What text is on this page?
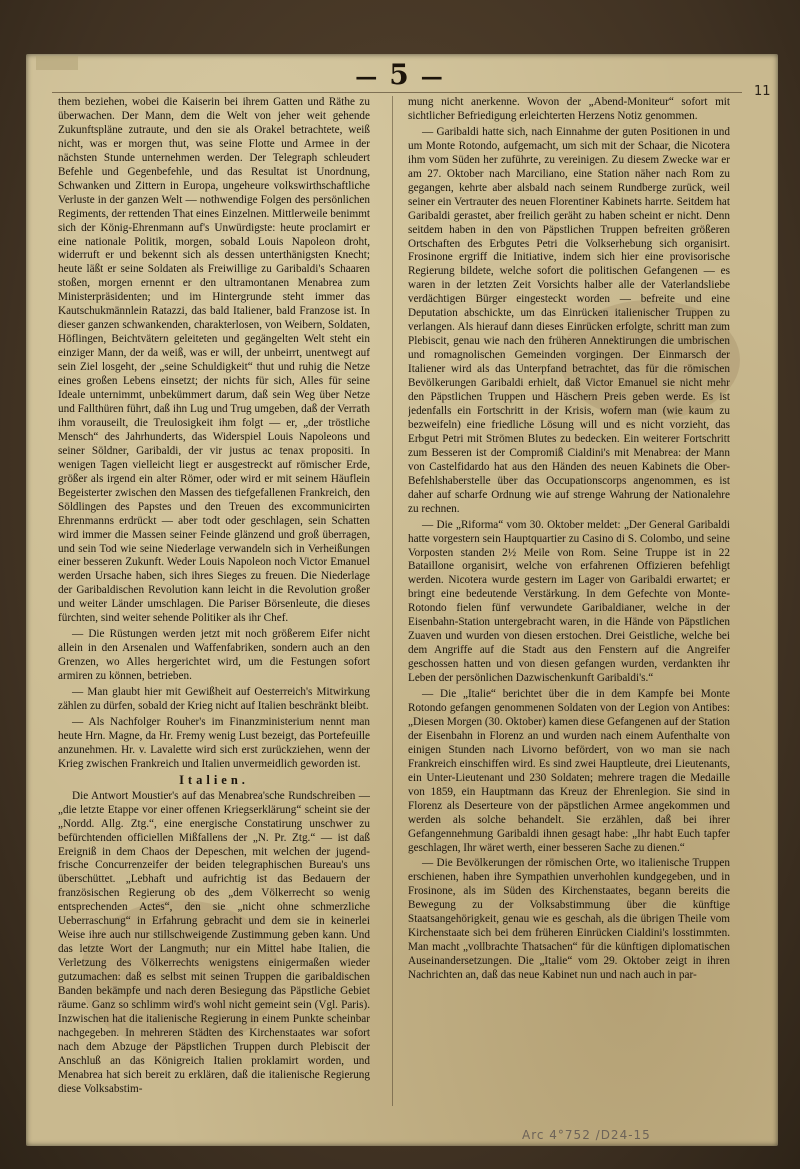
— 5 —
11

them beziehen, wobei die Kaiserin bei ihrem Gatten und Räthe zu überwachen. Der Mann, dem die Welt von jeher weit gehende Zukunftspläne zutraute, und den sie als Orakel betrachtete, weiß nicht, was er morgen thut, was seine Flotte und Armee in der nächsten Stunde unternehmen werden. Der Telegraph schleudert Befehle und Gegenbefehle, und das Resultat ist Unordnung, Schwanken und Zittern in Europa, ungeheure volkswirthschaftliche Verluste in der ganzen Welt — nothwendige Folgen des persönlichen Regiments, der rettenden That eines Einzelnen. Mittlerweile benimmt sich der König-Ehrenmann auf's Unwürdigste: heute proclamirt er eine nationale Politik, morgen, sobald Louis Napoleon droht, widerruft er und bekennt sich als dessen unterthänigsten Knecht; heute läßt er seine Soldaten als Freiwillige zu Garibaldi's Schaaren stoßen, morgen ernennt er den ultramontanen Menabrea zum Ministerpräsidenten; und im Hintergrunde steht immer das Kautschukmännlein Ratazzi, das bald Italiener, bald Franzose ist. In dieser ganzen schwankenden, charakterlosen, von Weibern, Soldaten, Höflingen, Beichtvätern geleiteten und gegängelten Welt steht ein einziger Mann, der da weiß, was er will, der unbeirrt, unentwegt auf sein Ziel losgeht, der „seine Schuldigkeit“ thut und ruhig die Netze eines großen Lebens einsetzt; der nichts für sich, Alles für seine Ideale unternimmt, unbekümmert darum, daß sein Weg über Netze und Fallthüren führt, daß ihn Lug und Trug umgeben, daß der Verrath ihm vorauseilt, die Treulosigkeit ihm folgt — er, „der tröstliche Mensch“ des Jahrhunderts, das Widerspiel Louis Napoleons und seiner Söldner, Garibaldi, der vir justus ac tenax propositi. In wenigen Tagen vielleicht liegt er ausgestreckt auf römischer Erde, größer als irgend ein alter Römer, oder wird er mit seinem Häuflein Begeisterter zwischen den Massen des tiefgefallenen Frankreich, den Söldlingen des Papstes und den Treuen des excommunicirten Ehrenmanns erdrückt — aber todt oder geschlagen, sein Schatten wird immer die Massen seiner Feinde glänzend und groß überragen, und sein Tod wie seine Niederlage verwandeln sich in Verheißungen einer besseren Zukunft. Weder Louis Napoleon noch Victor Emanuel werden Ursache haben, sich ihres Sieges zu freuen. Die Niederlage der Garibaldischen Revolution kann leicht in die Revolution großer und weiter Länder umschlagen. Die Pariser Börsenleute, die dieses fürchten, sind weiter sehende Politiker als ihr Chef.

— Die Rüstungen werden jetzt mit noch größerem Eifer nicht allein in den Arsenalen und Waffenfabriken, sondern auch an den Grenzen, wo Alles hergerichtet wird, um die Festungen sofort armiren zu können, betrieben.

— Man glaubt hier mit Gewißheit auf Oesterreich's Mitwirkung zählen zu dürfen, sobald der Krieg nicht auf Italien beschränkt bleibt.

— Als Nachfolger Rouher's im Finanzministerium nennt man heute Hrn. Magne, da Hr. Fremy wenig Lust bezeigt, das Portefeuille anzunehmen. Hr. v. Lavalette wird sich erst zurückziehen, wenn der Krieg zwischen Frankreich und Italien unvermeidlich geworden ist.

Italien.

Die Antwort Moustier's auf das Menabrea'sche Rundschreiben — „die letzte Etappe vor einer offenen Kriegserklärung“ scheint sie der „Nordd. Allg. Ztg.“, eine energische Constatirung unschwer zu befürchtenden officiellen Mißfallens der „N. Pr. Ztg.“ — ist daß Ereigniß in dem Chaos der Depeschen, mit welchen der jugend-frische Concurrenzeifer der beiden telegraphischen Bureau's uns überschüttet. „Lebhaft und aufrichtig ist das Bedauern der französischen Regierung ob des „dem Völkerrecht so wenig entsprechenden Actes“, den sie „nicht ohne schmerzliche Ueberraschung“ in Erfahrung gebracht und dem sie in keinerlei Weise ihre auch nur stillschweigende Zustimmung geben kann. Und das letzte Wort der Langmuth; nur ein Mittel habe Italien, die Verletzung des Völkerrechts wenigstens einigermaßen wieder gutzumachen: daß es selbst mit seinen Truppen die garibaldischen Banden bekämpfe und nach deren Besiegung das Päpstliche Gebiet räume. Ganz so schlimm wird's wohl nicht gemeint sein (Vgl. Paris). Inzwischen hat die italienische Regierung in einem Punkte scheinbar nachgegeben. In mehreren Städten des Kirchenstaates war sofort nach dem Abzuge der Päpstlichen Truppen durch Plebiscit der Anschluß an das Königreich Italien proklamirt worden, und Menabrea hat sich bereit zu erklären, daß die italienische Regierung diese Volksabstim-

mung nicht anerkenne. Wovon der „Abend-Moniteur“ sofort mit sichtlicher Befriedigung erleichterten Herzens Notiz genommen.

— Garibaldi hatte sich, nach Einnahme der guten Positionen in und um Monte Rotondo, aufgemacht, um sich mit der Schaar, die Nicotera ihm vom Süden her zuführte, zu vereinigen. Zu diesem Zwecke war er am 27. Oktober nach Marciliano, eine Station näher nach Rom zu gegangen, kehrte aber alsbald nach seinem Rundberge zurück, weil seiner ein Vertrauter des neuen Florentiner Kabinets harrte. Seitdem hat Garibaldi gerastet, aber freilich geräht zu haben scheint er nicht. Denn seitdem haben in den von Päpstlichen Truppen befreiten größeren Ortschaften des Erbgutes Petri die Volkserhebung sich organisirt. Frosinone ergriff die Initiative, indem sich hier eine provisorische Regierung bildete, welche sofort die politischen Gefangenen — es waren in der letzten Zeit Vorsichts halber alle der Vaterlandsliebe verdächtigen Bürger eingesteckt worden — befreite und eine Deputation abschickte, um das Einrücken italienischer Truppen zu verlangen. Als hierauf dann dieses Einrücken erfolgte, schritt man zum Plebiscit, genau wie nach den früheren Annektirungen die umbrischen und romagnolischen Gemeinden vorgingen. Der Einmarsch der Italiener wird als das Unterpfand betrachtet, das für die römischen Bevölkerungen Garibaldi erhielt, daß Victor Emanuel sie nicht mehr den Päpstlichen Truppen und Häschern Preis geben werde. Es ist jedenfalls ein Fortschritt in der Krisis, wofern man (wie kaum zu bezweifeln) eine friedliche Lösung will und es nicht vorzieht, das Erbgut Petri mit Strömen Blutes zu bedecken. Ein weiterer Fortschritt zum Besseren ist der Compromiß Cialdini's mit Menabrea: der Mann von Castelfidardo hat aus den Händen des neuen Kabinets die Ober-Befehlshaberstelle über das Occupationscorps angenommen, es ist daher auf scharfe Ordnung wie auf strenge Wahrung der Nationalehre zu rechnen.

— Die „Riforma“ vom 30. Oktober meldet: „Der General Garibaldi hatte vorgestern sein Hauptquartier zu Casino di S. Colombo, und seine Vorposten standen 2½ Meile von Rom. Seine Truppe ist in 22 Bataillone organisirt, welche von erfahrenen Offizieren befehligt werden. Nicotera wurde gestern im Lager von Garibaldi erwartet; er bringt eine bedeutende Verstärkung. In dem Gefechte von Monte-Rotondo fielen fünf verwundete Garibaldianer, welche in der Eisenbahn-Station untergebracht waren, in die Hände von Päpstlichen Zuaven und wurden von diesen erstochen. Drei Geistliche, welche bei dem Angriffe auf die Stadt aus den Fenstern auf die Angreifer geschossen hatten und von diesen gefangen wurden, verdankten ihr Leben der persönlichen Dazwischenkunft Garibaldi's.“

— Die „Italie“ berichtet über die in dem Kampfe bei Monte Rotondo gefangen genommenen Soldaten von der Legion von Antibes: „Diesen Morgen (30. Oktober) kamen diese Gefangenen auf der Station der Eisenbahn in Florenz an und wurden nach einem Aufenthalte von einigen Stunden nach Livorno befördert, von wo man sie nach Frankreich einschiffen wird. Es sind zwei Hauptleute, drei Lieutenants, ein Unter-Lieutenant und 230 Soldaten; mehrere tragen die Medaille von 1859, ein Hauptmann das Kreuz der Ehrenlegion. Sie sind in Florenz als Deserteure von der päpstlichen Armee angekommen und werden als solche behandelt. Sie erzählen, daß bei ihrer Gefangennehmung Garibaldi ihnen gesagt habe: „Ihr habt Euch tapfer geschlagen, Ihr wäret werth, einer besseren Sache zu dienen.“

— Die Bevölkerungen der römischen Orte, wo italienische Truppen erschienen, haben ihre Sympathien unverhohlen kundgegeben, und in Frosinone, als im Süden des Kirchenstaates, begann bereits die Bewegung zu der Volksabstimmung über die künftige Staatsangehörigkeit, genau wie es geschah, als die übrigen Theile vom Kirchenstaate sich bei dem früheren Einrücken Cialdini's losstimmten. Man macht „vollbrachte Thatsachen“ für die künftigen diplomatischen Auseinandersetzungen. Die „Italie“ vom 29. Oktober zeigt in ihren Nachrichten an, daß das neue Kabinet nun und nach auch in par-

Arc 4°752 /D24-15
